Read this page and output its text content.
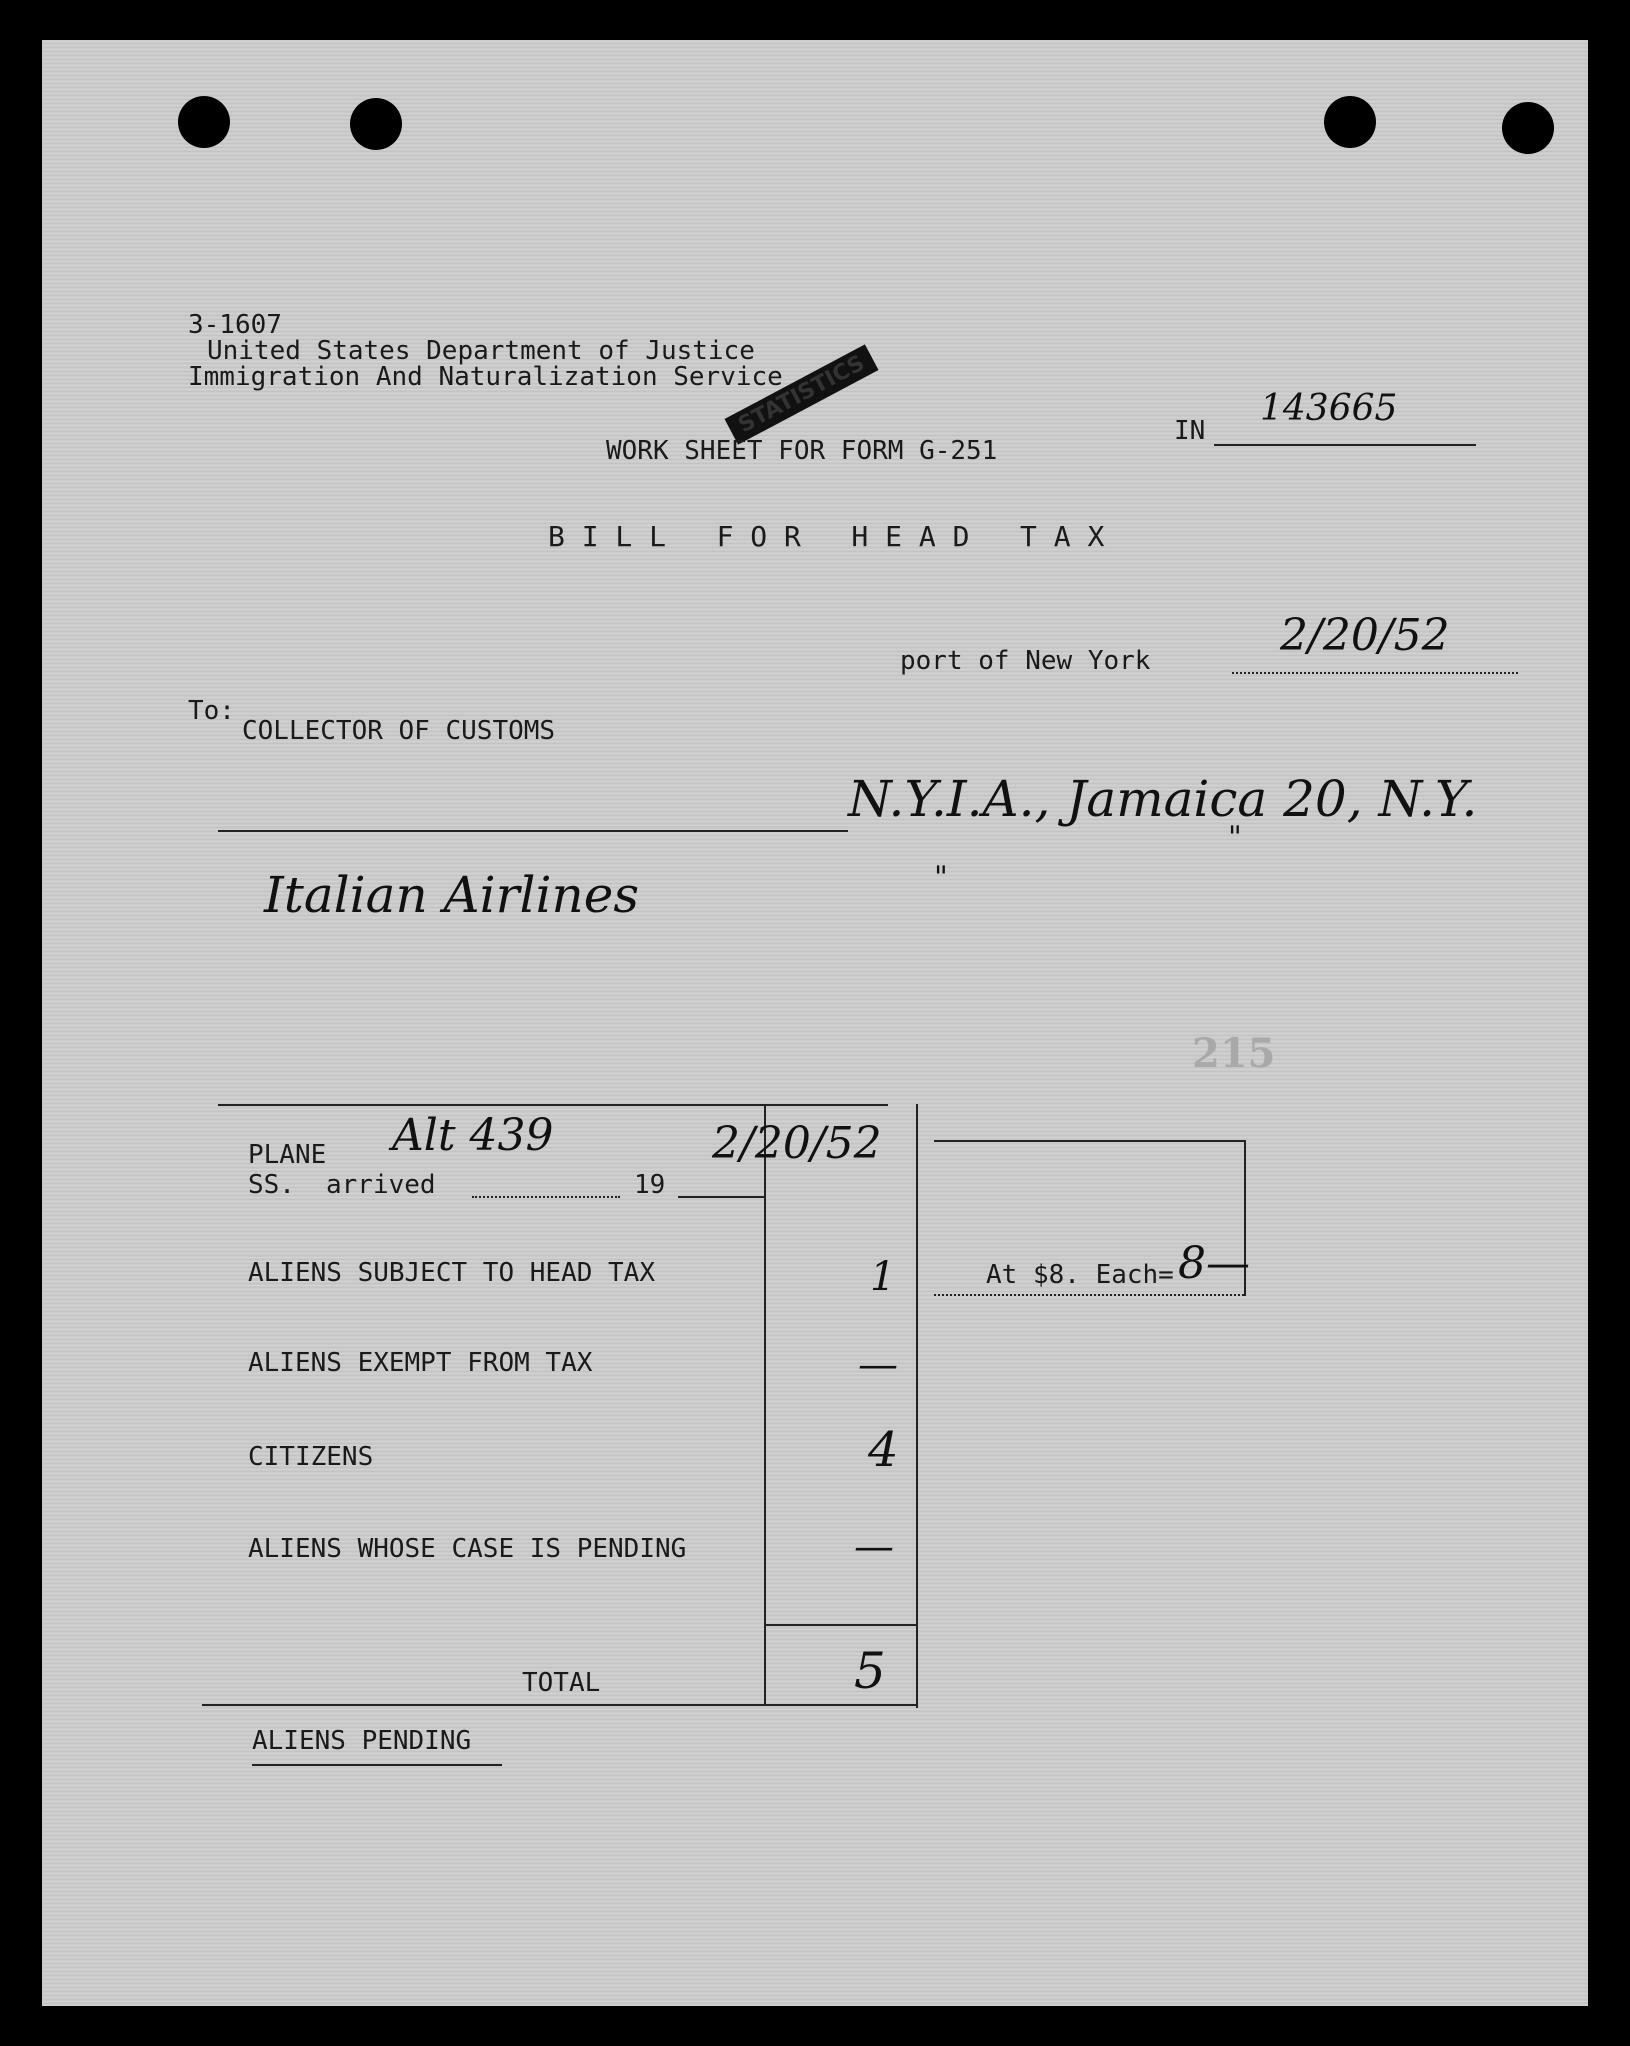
3-1607
United States Department of Justice
Immigration And Naturalization Service
STATISTICS
WORK SHEET FOR FORM G-251
IN
143665
B I L L   F O R   H E A D   T A X
port of New York	2/20/52
To:
COLLECTOR OF CUSTOMS
N.Y.I.A., Jamaica 20, N.Y.
"
Italian Airlines	"
215
PLANE Alt 439	2/20/52
SS. arrived	19
ALIENS SUBJECT TO HEAD TAX	1
ALIENS EXEMPT FROM TAX	—
CITIZENS	4
ALIENS WHOSE CASE IS PENDING	—
TOTAL	5
At $8. Each= 8—
ALIENS PENDING
